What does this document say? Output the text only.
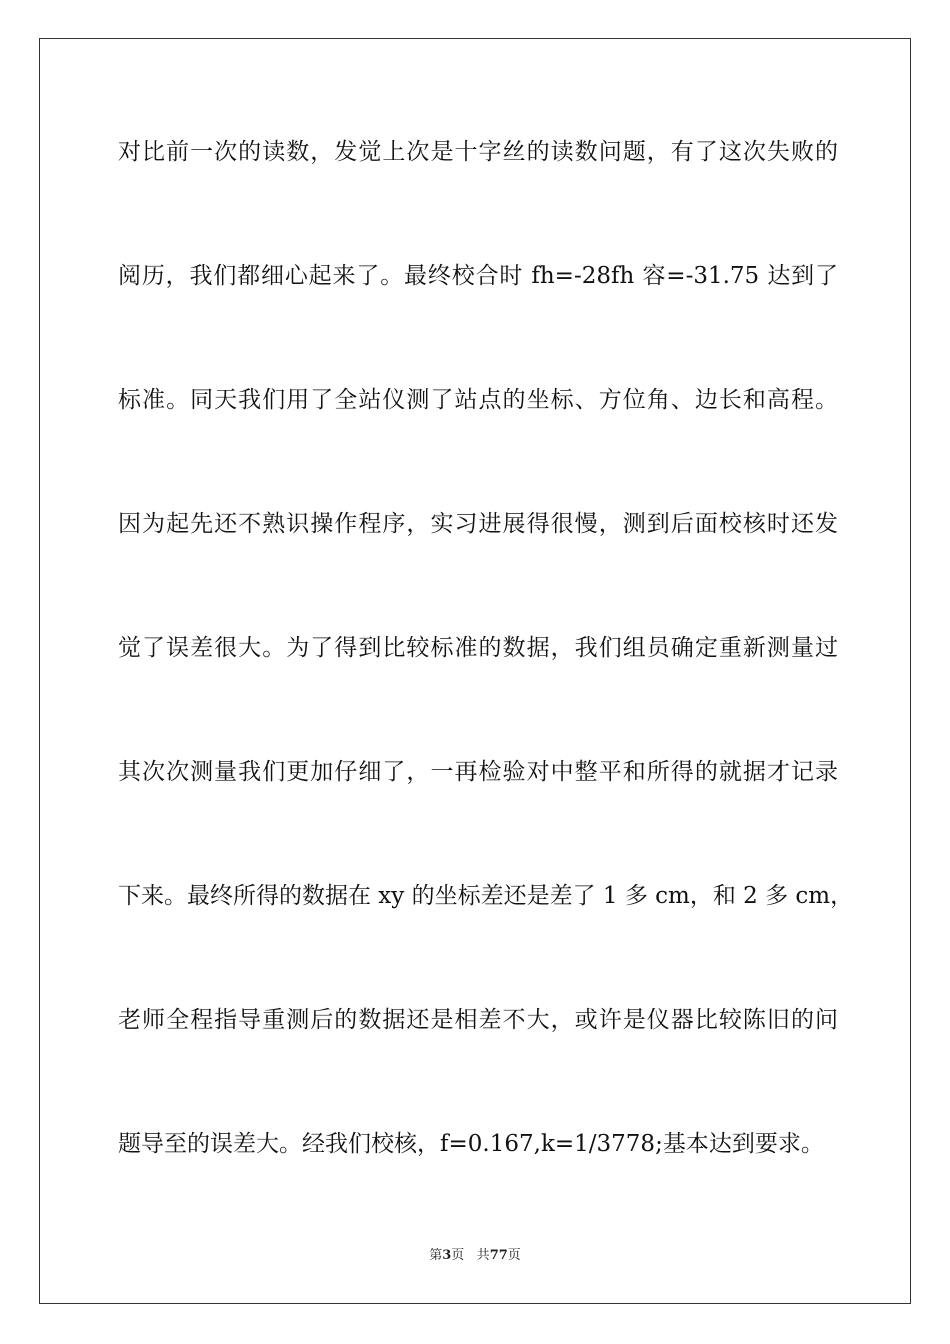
对比前一次的读数，发觉上次是十字丝的读数问题，有了这次失败的
阅历，我们都细心起来了。最终校合时 fh=-28fh 容=-31.75 达到了
标准。同天我们用了全站仪测了站点的坐标、方位角、边长和高程。
因为起先还不熟识操作程序，实习进展得很慢，测到后面校核时还发
觉了误差很大。为了得到比较标准的数据，我们组员确定重新测量过
其次次测量我们更加仔细了，一再检验对中整平和所得的就据才记录
下来。最终所得的数据在 xy 的坐标差还是差了 1 多 cm，和 2 多 cm，
老师全程指导重测后的数据还是相差不大，或许是仪器比较陈旧的问
题导至的误差大。经我们校核，f=0.167,k=1/3778;基本达到要求。
第3页 共77页
